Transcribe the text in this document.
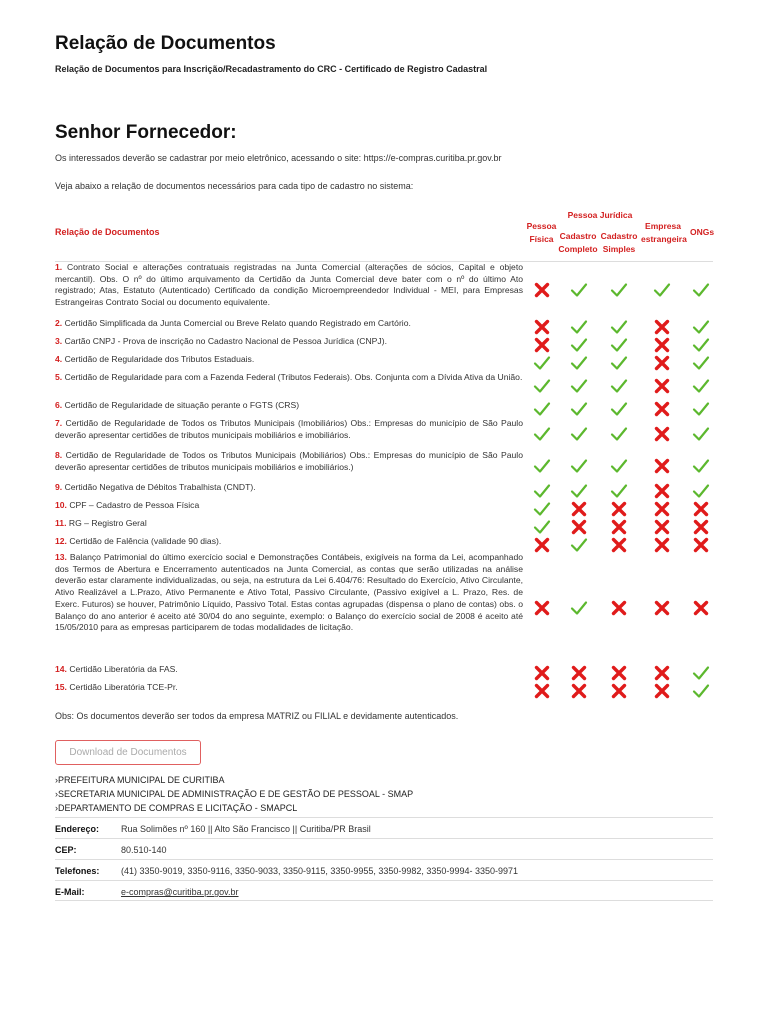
Relação de Documentos
Relação de Documentos para Inscrição/Recadastramento do CRC - Certificado de Registro Cadastral
Senhor Fornecedor:
Os interessados deverão se cadastrar por meio eletrônico, acessando o site: https://e-compras.curitiba.pr.gov.br
Veja abaixo a relação de documentos necessários para cada tipo de cadastro no sistema:
Relação de Documentos
Pessoa
Física
Pessoa Jurídica
Cadastro
Completo
Cadastro
Simples
Empresa
estrangeira
ONGs
1. Contrato Social e alterações contratuais registradas na Junta Comercial (alterações de sócios, Capital e objeto mercantil). Obs. O nº do último arquivamento da Certidão da Junta Comercial deve bater com o nº do último Ato registrado; Atas, Estatuto (Autenticado) Certificado da condição Microempreendedor Individual - MEI, para Empresas Estrangeiras Contrato Social ou documento equivalente.
2. Certidão Simplificada da Junta Comercial ou Breve Relato quando Registrado em Cartório.
3. Cartão CNPJ - Prova de inscrição no Cadastro Nacional de Pessoa Jurídica (CNPJ).
4. Certidão de Regularidade dos Tributos Estaduais.
5. Certidão de Regularidade para com a Fazenda Federal (Tributos Federais). Obs. Conjunta com a Dívida Ativa da União.
6. Certidão de Regularidade de situação perante o FGTS (CRS)
7. Certidão de Regularidade de Todos os Tributos Municipais (Imobiliários) Obs.: Empresas do município de São Paulo deverão apresentar certidões de tributos municipais mobiliários e imobiliários.
8. Certidão de Regularidade de Todos os Tributos Municipais (Mobiliários) Obs.: Empresas do município de São Paulo deverão apresentar certidões de tributos municipais mobiliários e imobiliários.)
9. Certidão Negativa de Débitos Trabalhista (CNDT).
10. CPF – Cadastro de Pessoa Física
11. RG – Registro Geral
12. Certidão de Falência (validade 90 dias).
13. Balanço Patrimonial do último exercício social e Demonstrações Contábeis, exigíveis na forma da Lei, acompanhado dos Termos de Abertura e Encerramento autenticados na Junta Comercial, as contas que serão utilizadas na análise deverão estar claramente individualizadas, ou seja, na estrutura da Lei 6.404/76: Resultado do Exercício, Ativo Circulante, Ativo Realizável a L.Prazo, Ativo Permanente e Ativo Total, Passivo Circulante, (Passivo exigível a L. Prazo, Res. de Exerc. Futuros) se houver, Patrimônio Líquido, Passivo Total. Estas contas agrupadas (dispensa o plano de contas) obs. o Balanço do ano anterior é aceito até 30/04 do ano seguinte, exemplo: o Balanço do exercício social de 2008 é aceito até 15/05/2010 para as empresas participarem de todas modalidades de licitação.
14. Certidão Liberatória da FAS.
15. Certidão Liberatória TCE-Pr.
Obs: Os documentos deverão ser todos da empresa MATRIZ ou FILIAL e devidamente autenticados.
Download de Documentos
›PREFEITURA MUNICIPAL DE CURITIBA
›SECRETARIA MUNICIPAL DE ADMINISTRAÇÃO E DE GESTÃO DE PESSOAL - SMAP
›DEPARTAMENTO DE COMPRAS E LICITAÇÃO - SMAPCL
Endereço: Rua Solimões nº 160 || Alto São Francisco || Curitiba/PR Brasil
CEP:	80.510-140
Telefones: (41) 3350-9019, 3350-9116, 3350-9033, 3350-9115, 3350-9955, 3350-9982, 3350-9994- 3350-9971
E-Mail:	e-compras@curitiba.pr.gov.br
